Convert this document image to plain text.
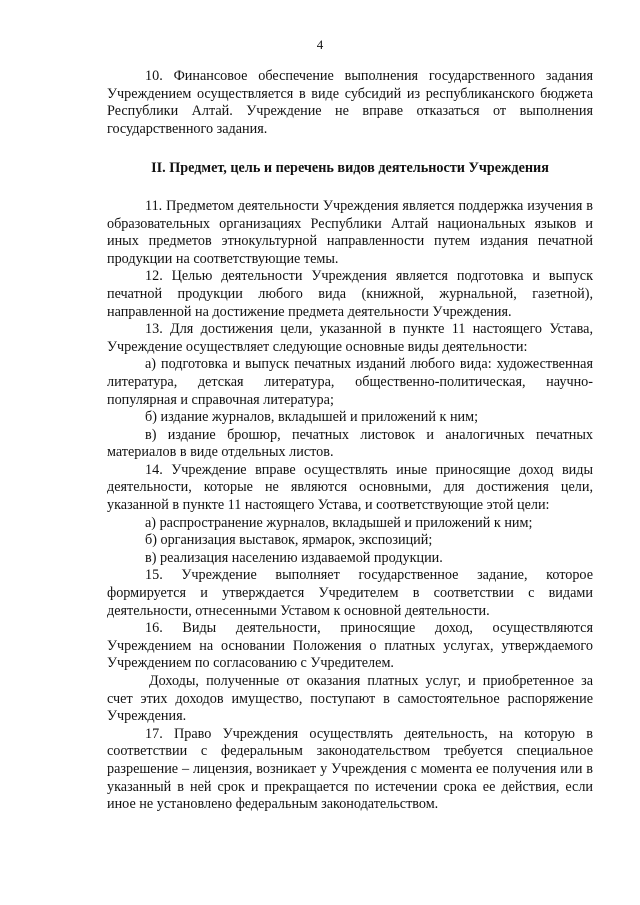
4

10. Финансовое обеспечение выполнения государственного задания Учреждением осуществляется в виде субсидий из республиканского бюджета Республики Алтай. Учреждение не вправе отказаться от выполнения государственного задания.

II. Предмет, цель и перечень видов деятельности Учреждения

11. Предметом деятельности Учреждения является поддержка изучения в образовательных организациях Республики Алтай национальных языков и иных предметов этнокультурной направленности путем издания печатной продукции на соответствующие темы.

12. Целью деятельности Учреждения является подготовка и выпуск печатной продукции любого вида (книжной, журнальной, газетной), направленной на достижение предмета деятельности Учреждения.

13. Для достижения цели, указанной в пункте 11 настоящего Устава, Учреждение осуществляет следующие основные виды деятельности:

а) подготовка и выпуск печатных изданий любого вида: художественная литература, детская литература, общественно-политическая, научно-популярная и справочная литература;

б) издание журналов, вкладышей и приложений к ним;

в) издание брошюр, печатных листовок и аналогичных печатных материалов в виде отдельных листов.

14. Учреждение вправе осуществлять иные приносящие доход виды деятельности, которые не являются основными, для достижения цели, указанной в пункте 11 настоящего Устава, и соответствующие этой цели:

а) распространение журналов, вкладышей и приложений к ним;

б) организация выставок, ярмарок, экспозиций;

в) реализация населению издаваемой продукции.

15. Учреждение выполняет государственное задание, которое формируется и утверждается Учредителем в соответствии с видами деятельности, отнесенными Уставом к основной деятельности.

16. Виды деятельности, приносящие доход, осуществляются Учреждением на основании Положения о платных услугах, утверждаемого Учреждением по согласованию с Учредителем.

Доходы, полученные от оказания платных услуг, и приобретенное за счет этих доходов имущество, поступают в самостоятельное распоряжение Учреждения.

17. Право Учреждения осуществлять деятельность, на которую в соответствии с федеральным законодательством требуется специальное разрешение – лицензия, возникает у Учреждения с момента ее получения или в указанный в ней срок и прекращается по истечении срока ее действия, если иное не установлено федеральным законодательством.
